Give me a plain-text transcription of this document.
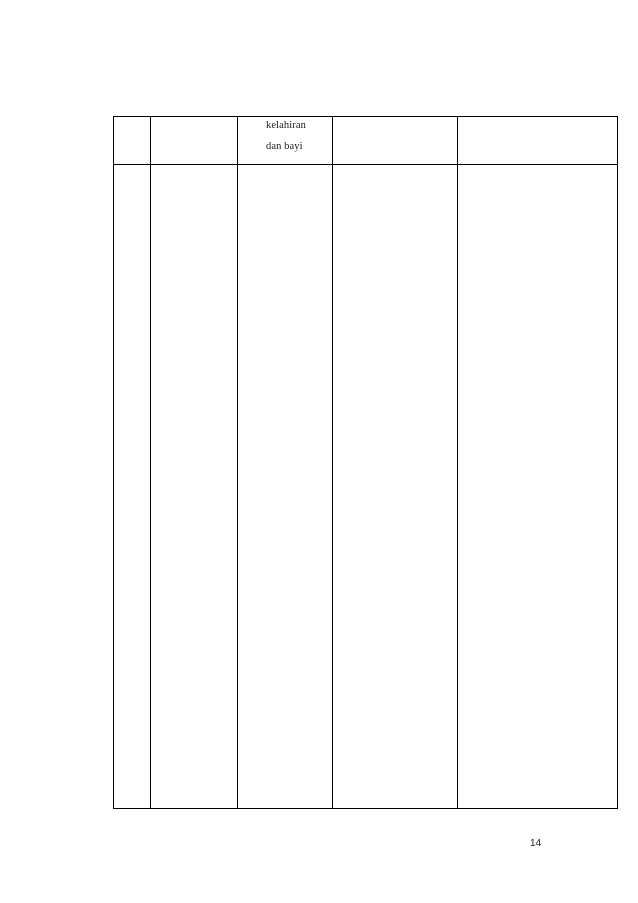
kelahiran
dan bayi
14
